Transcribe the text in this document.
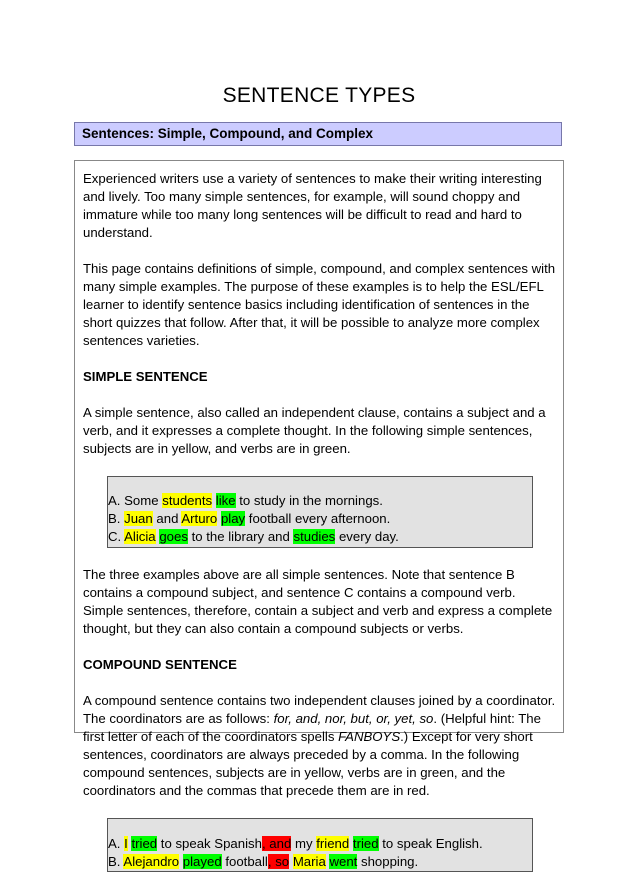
SENTENCE TYPES
Sentences: Simple, Compound, and Complex

Experienced writers use a variety of sentences to make their writing interesting and lively. Too many simple sentences, for example, will sound choppy and immature while too many long sentences will be difficult to read and hard to understand.

This page contains definitions of simple, compound, and complex sentences with many simple examples. The purpose of these examples is to help the ESL/EFL learner to identify sentence basics including identification of sentences in the short quizzes that follow. After that, it will be possible to analyze more complex sentences varieties.

SIMPLE SENTENCE

A simple sentence, also called an independent clause, contains a subject and a verb, and it expresses a complete thought. In the following simple sentences, subjects are in yellow, and verbs are in green.

A. Some students like to study in the mornings.
B. Juan and Arturo play football every afternoon.
C. Alicia goes to the library and studies every day.

The three examples above are all simple sentences. Note that sentence B contains a compound subject, and sentence C contains a compound verb. Simple sentences, therefore, contain a subject and verb and express a complete thought, but they can also contain a compound subjects or verbs.

COMPOUND SENTENCE

A compound sentence contains two independent clauses joined by a coordinator. The coordinators are as follows: for, and, nor, but, or, yet, so. (Helpful hint: The first letter of each of the coordinators spells FANBOYS.) Except for very short sentences, coordinators are always preceded by a comma. In the following compound sentences, subjects are in yellow, verbs are in green, and the coordinators and the commas that precede them are in red.

A. I tried to speak Spanish, and my friend tried to speak English.
B. Alejandro played football, so Maria went shopping.
